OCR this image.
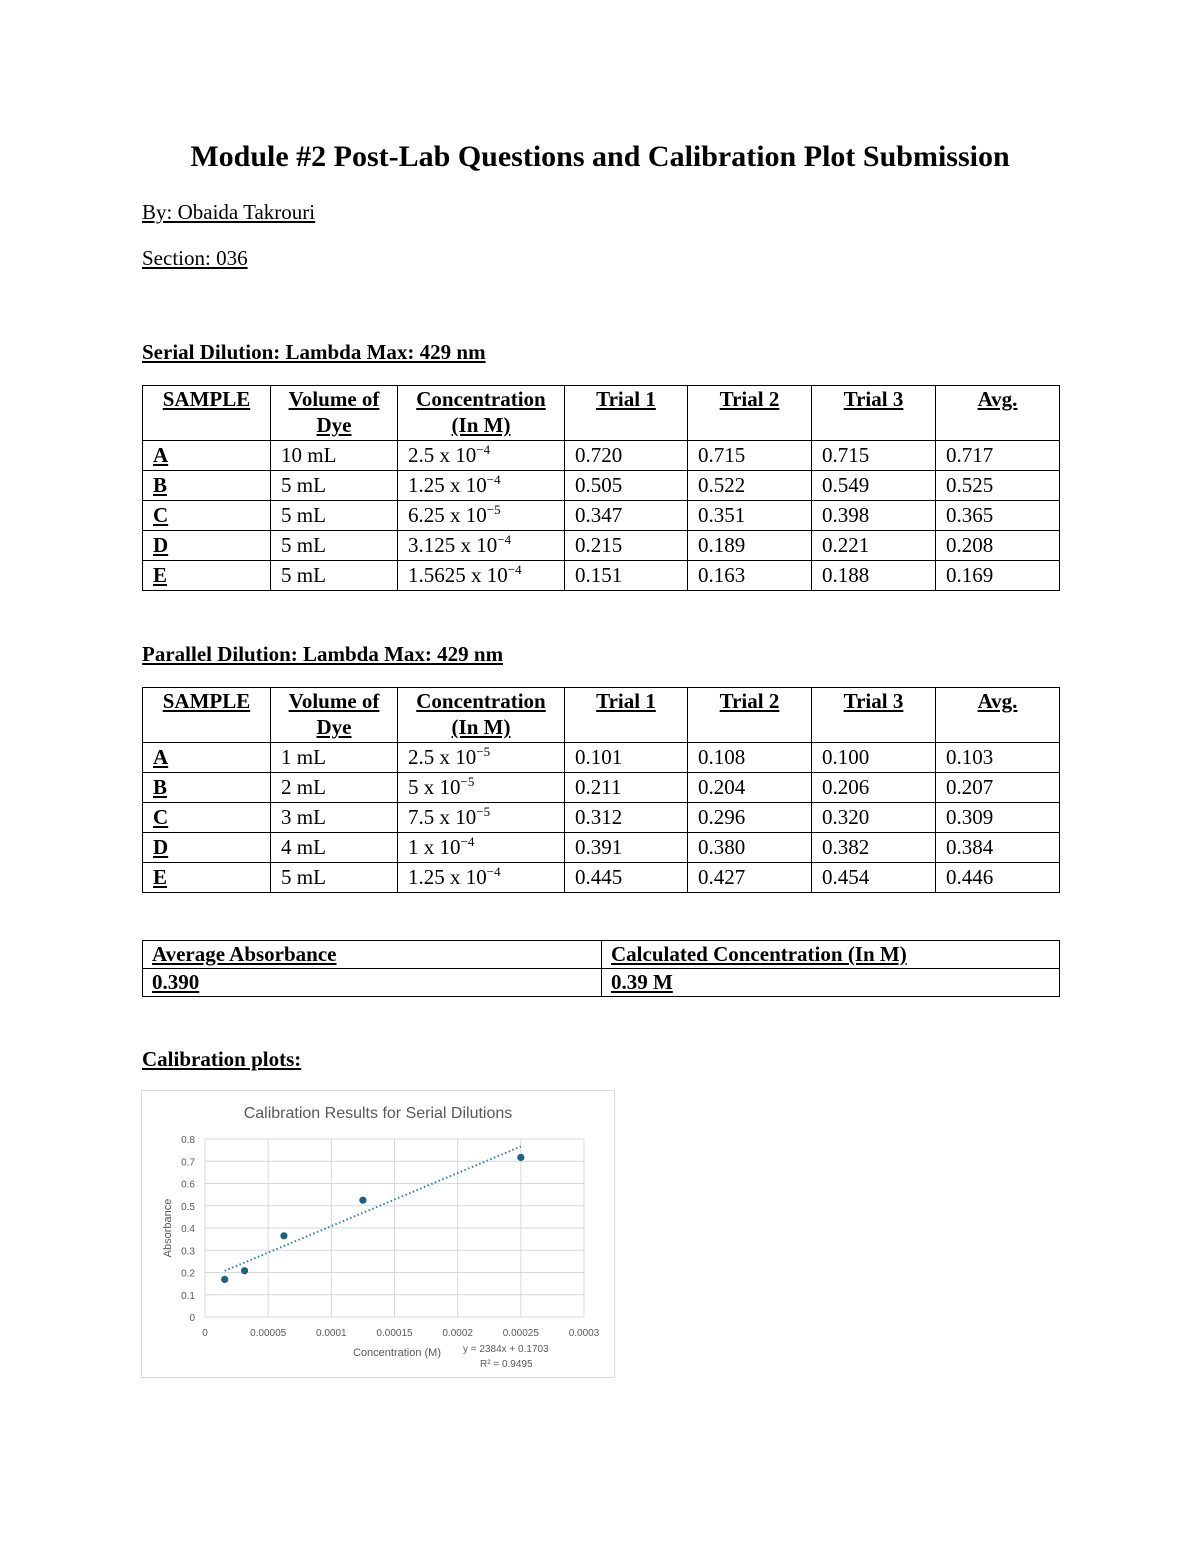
Module #2 Post-Lab Questions and Calibration Plot Submission

By: Obaida Takrouri

Section: 036

Serial Dilution: Lambda Max: 429 nm

SAMPLE	Volume of Dye	Concentration (In M)	Trial 1	Trial 2	Trial 3	Avg.
A	10 mL	2.5 x $10^{-4}$	0.720	0.715	0.715	0.717
B	5 mL	1.25 x $10^{-4}$	0.505	0.522	0.549	0.525
C	5 mL	6.25 x $10^{-5}$	0.347	0.351	0.398	0.365
D	5 mL	3.125 x $10^{-4}$	0.215	0.189	0.221	0.208
E	5 mL	1.5625 x $10^{-4}$	0.151	0.163	0.188	0.169

Parallel Dilution: Lambda Max: 429 nm

SAMPLE	Volume of Dye	Concentration (In M)	Trial 1	Trial 2	Trial 3	Avg.
A	1 mL	2.5 x $10^{-5}$	0.101	0.108	0.100	0.103
B	2 mL	5 x $10^{-5}$	0.211	0.204	0.206	0.207
C	3 mL	7.5 x $10^{-5}$	0.312	0.296	0.320	0.309
D	4 mL	1 x $10^{-4}$	0.391	0.380	0.382	0.384
E	5 mL	1.25 x $10^{-4}$	0.445	0.427	0.454	0.446
Average Absorbance	Calculated Concentration (In M)
0.390	0.39 M

Calibration plots:

Calibration Results for Serial Dilutions
0
0.1
0.2
0.3
0.4
0.5
0.6
0.7
0.8
0	0.00005	0.0001	0.00015	0.0002	0.00025	0.0003
Concentration (M)
Absorbance
y = 2384x + 0.1703
R² = 0.9495
